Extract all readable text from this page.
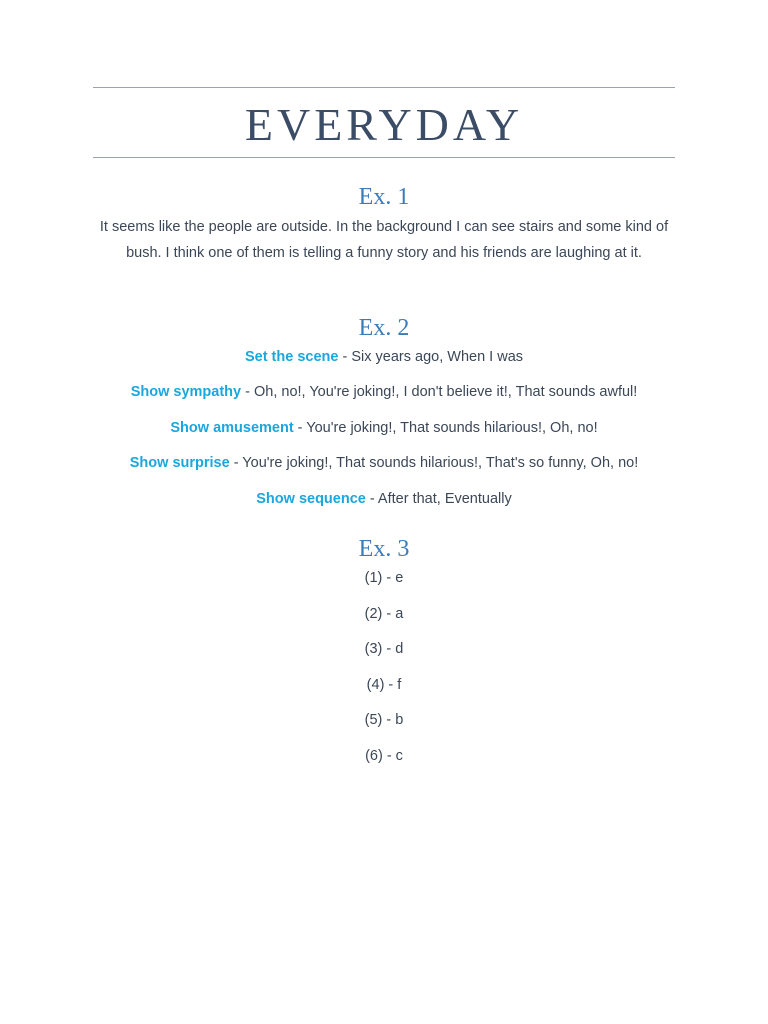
EVERYDAY
Ex. 1
It seems like the people are outside. In the background I can see stairs and some kind of bush. I think one of them is telling a funny story and his friends are laughing at it.
Ex. 2
Set the scene - Six years ago, When I was
Show sympathy - Oh, no!, You're joking!, I don't believe it!, That sounds awful!
Show amusement - You're joking!, That sounds hilarious!, Oh, no!
Show surprise - You're joking!, That sounds hilarious!, That's so funny, Oh, no!
Show sequence - After that, Eventually
Ex. 3
(1) - e
(2) - a
(3) - d
(4) - f
(5) - b
(6) - c
